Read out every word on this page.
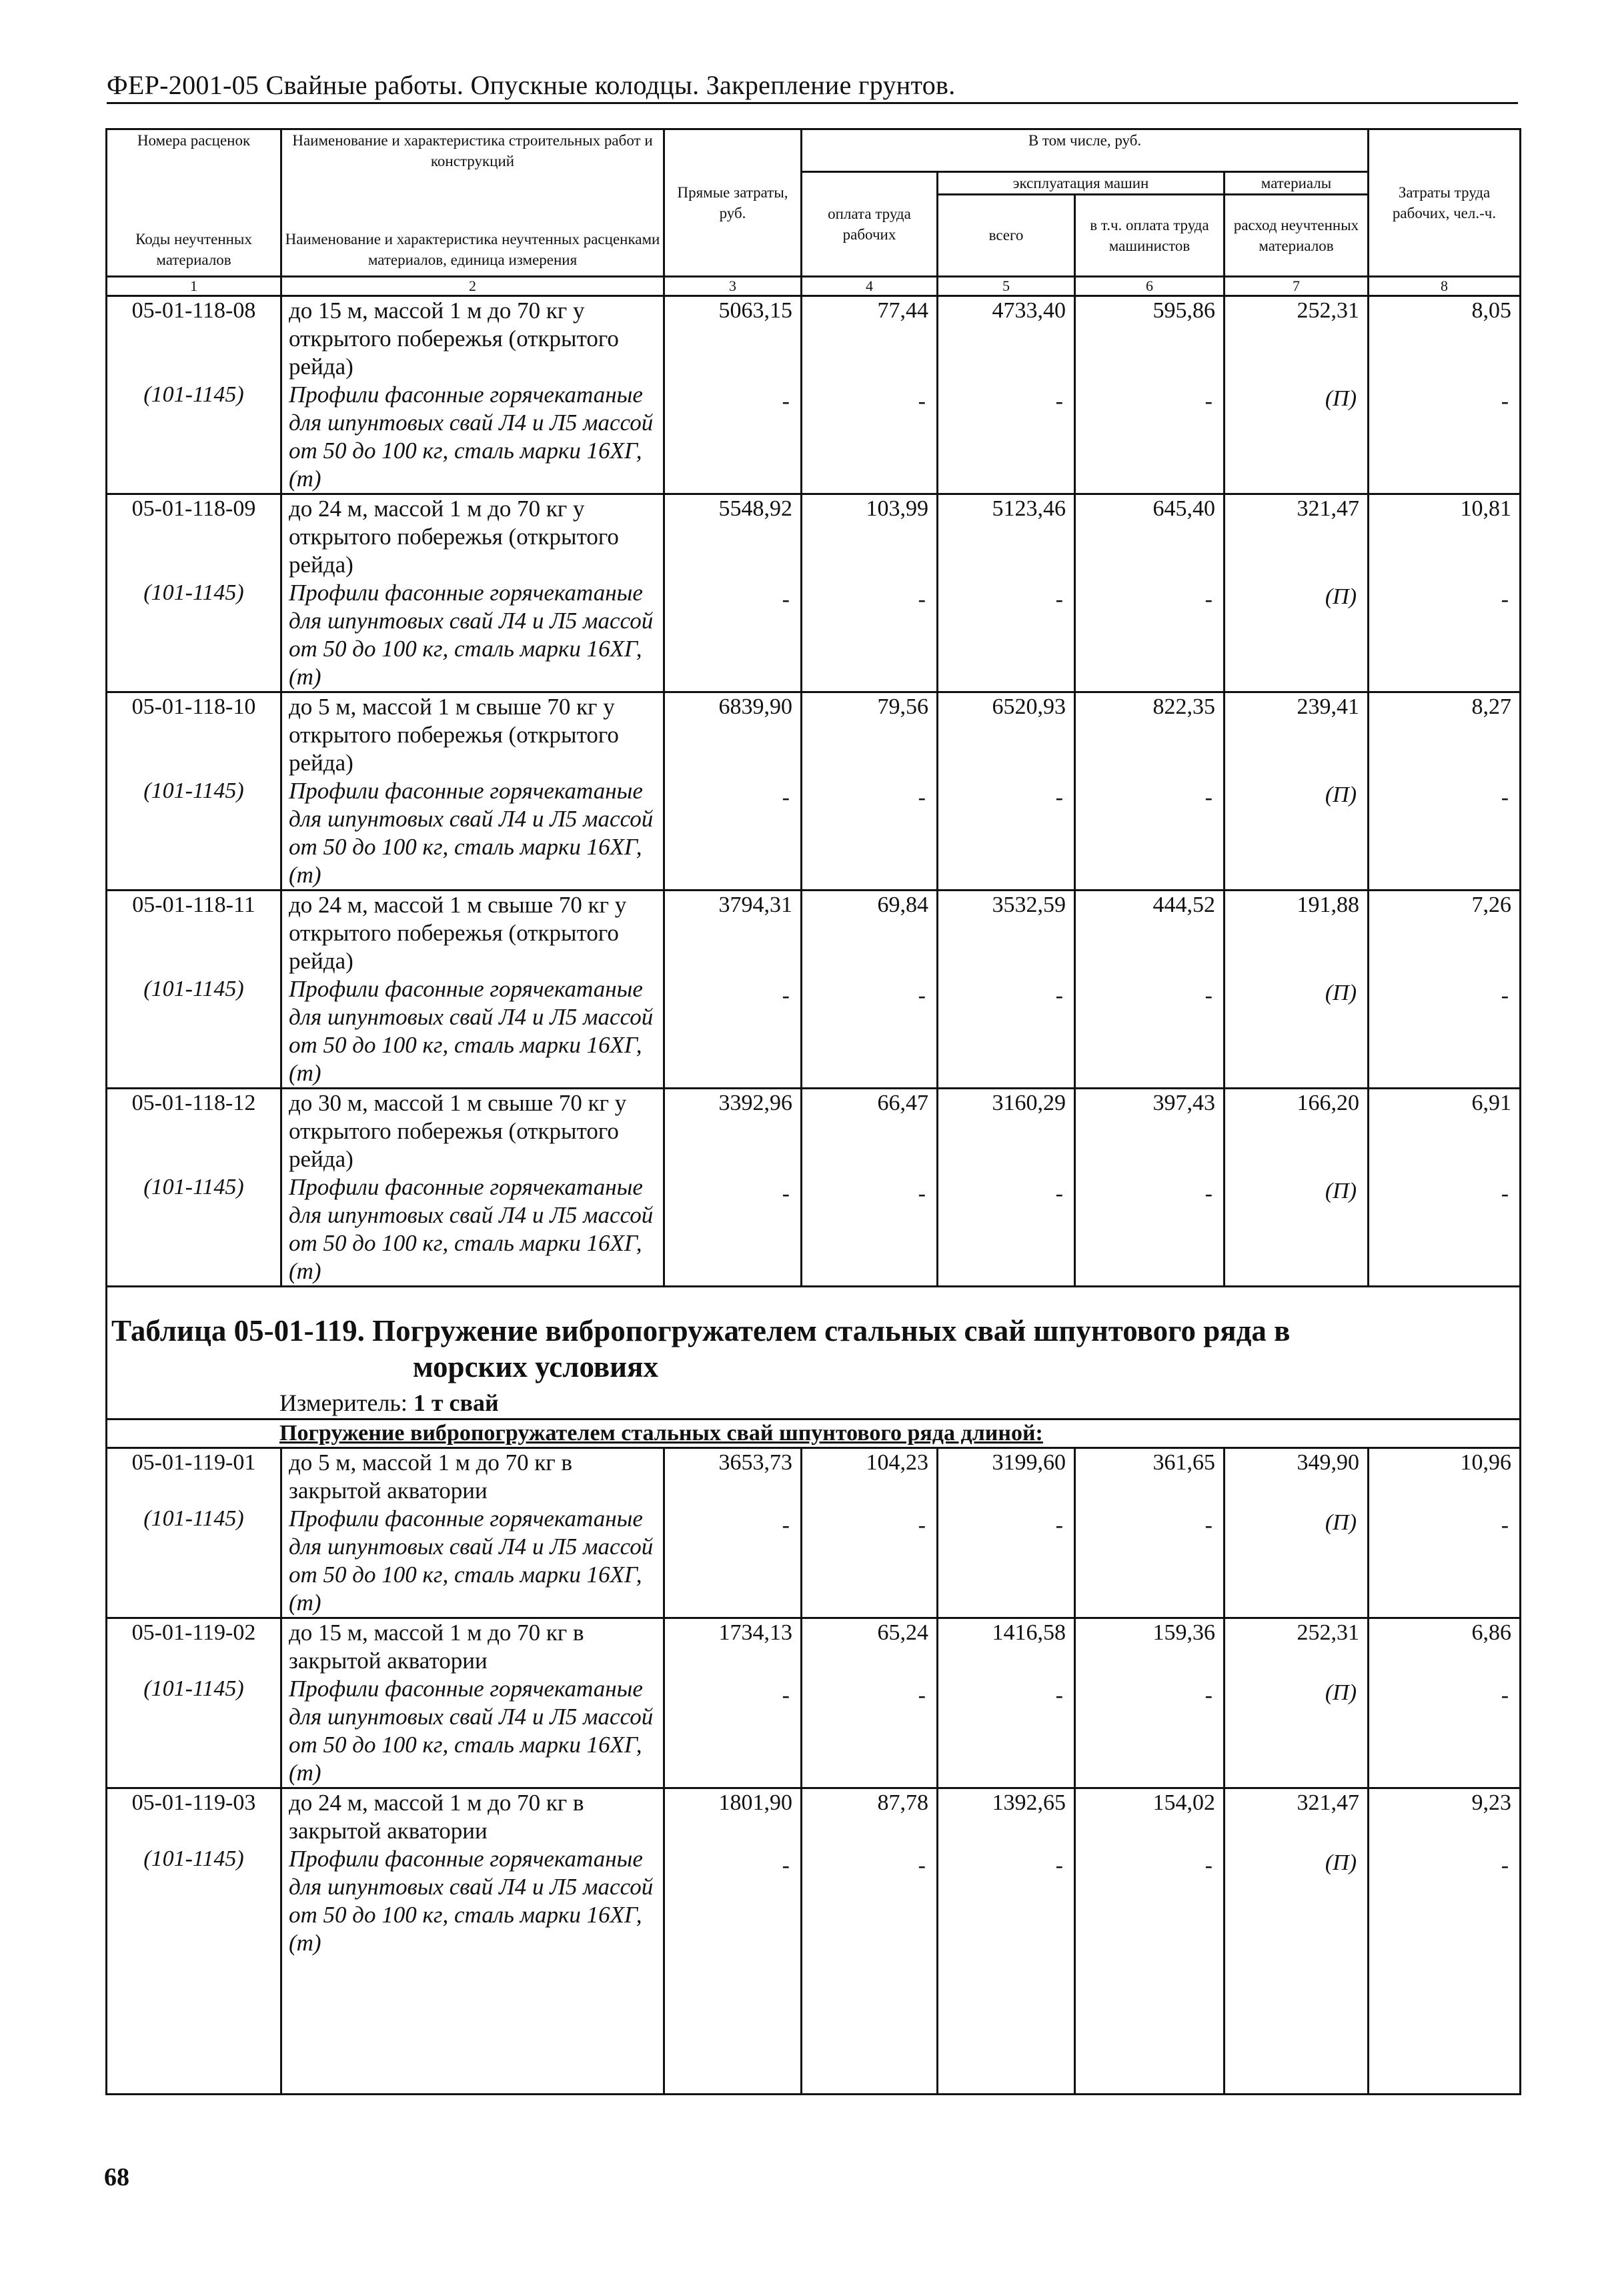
ФЕР-2001-05 Свайные работы. Опускные колодцы. Закрепление грунтов.
Номера расценок	Наименование и характеристика строительных работ и конструкций	Прямые затраты, руб.	В том числе, руб.				Затраты труда рабочих, чел.-ч.
Коды неучтенных материалов	Наименование и характеристика неучтенных расценками материалов, единица измерения		оплата труда рабочих	эксплуатация машин		материалы	
				всего	в т.ч. оплата труда машинистов	расход неучтенных материалов	
1	2	3	4	5	6	7	8
05-01-118-08	до 15 м, массой 1 м до 70 кг у открытого побережья (открытого рейда)	5063,15	77,44	4733,40	595,86	252,31	8,05
(101-1145)	Профили фасонные горячекатаные для шпунтовых свай Л4 и Л5 массой от 50 до 100 кг, сталь марки 16ХГ, (т)	-	-	-	-	(П)	-
05-01-118-09	до 24 м, массой 1 м до 70 кг у открытого побережья (открытого рейда)	5548,92	103,99	5123,46	645,40	321,47	10,81
(101-1145)	Профили фасонные горячекатаные для шпунтовых свай Л4 и Л5 массой от 50 до 100 кг, сталь марки 16ХГ, (т)	-	-	-	-	(П)	-
05-01-118-10	до 5 м, массой 1 м свыше 70 кг у открытого побережья (открытого рейда)	6839,90	79,56	6520,93	822,35	239,41	8,27
(101-1145)	Профили фасонные горячекатаные для шпунтовых свай Л4 и Л5 массой от 50 до 100 кг, сталь марки 16ХГ, (т)	-	-	-	-	(П)	-
05-01-118-11	до 24 м, массой 1 м свыше 70 кг у открытого побережья (открытого рейда)	3794,31	69,84	3532,59	444,52	191,88	7,26
(101-1145)	Профили фасонные горячекатаные для шпунтовых свай Л4 и Л5 массой от 50 до 100 кг, сталь марки 16ХГ, (т)	-	-	-	-	(П)	-
05-01-118-12	до 30 м, массой 1 м свыше 70 кг у открытого побережья (открытого рейда)	3392,96	66,47	3160,29	397,43	166,20	6,91
(101-1145)	Профили фасонные горячекатаные для шпунтовых свай Л4 и Л5 массой от 50 до 100 кг, сталь марки 16ХГ, (т)	-	-	-	-	(П)	-
Таблица 05-01-119. Погружение вибропогружателем стальных свай шпунтового ряда в
морских условиях							

Измеритель: 1 т свай							
Погружение вибропогружателем стальных свай шпунтового ряда длиной:							
05-01-119-01	до 5 м, массой 1 м до 70 кг в закрытой акватории	3653,73	104,23	3199,60	361,65	349,90	10,96
(101-1145)	Профили фасонные горячекатаные для шпунтовых свай Л4 и Л5 массой от 50 до 100 кг, сталь марки 16ХГ, (т)	-	-	-	-	(П)	-
05-01-119-02	до 15 м, массой 1 м до 70 кг в закрытой акватории	1734,13	65,24	1416,58	159,36	252,31	6,86
(101-1145)	Профили фасонные горячекатаные для шпунтовых свай Л4 и Л5 массой от 50 до 100 кг, сталь марки 16ХГ, (т)	-	-	-	-	(П)	-
05-01-119-03	до 24 м, массой 1 м до 70 кг в закрытой акватории	1801,90	87,78	1392,65	154,02	321,47	9,23
(101-1145)	Профили фасонные горячекатаные для шпунтовых свай Л4 и Л5 массой от 50 до 100 кг, сталь марки 16ХГ, (т)	-	-	-	-	(П)	-
68
